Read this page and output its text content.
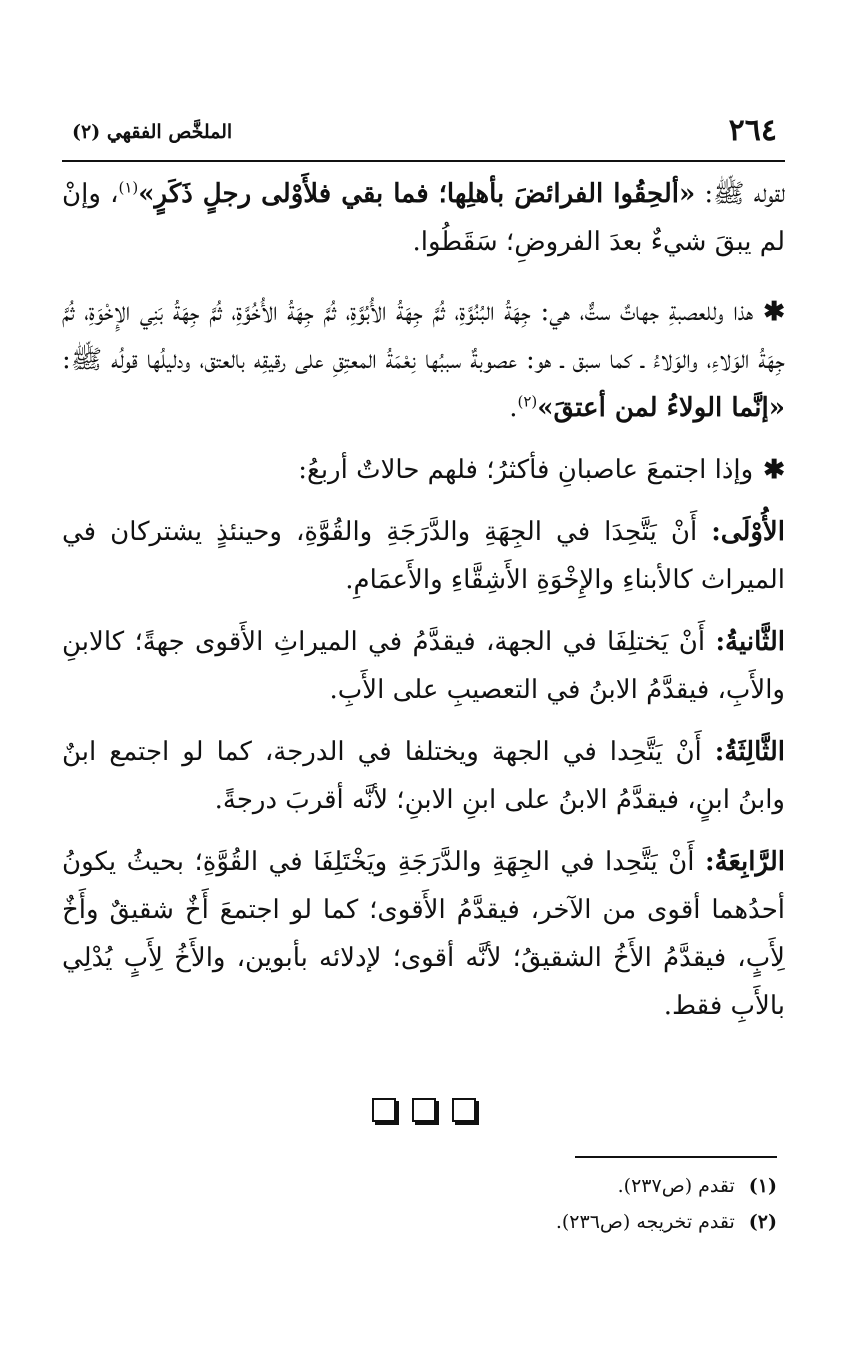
٢٦٤
الملخَّص الفقهي (٢)

لقوله ﷺ: «ألحِقُوا الفرائضَ بأهلِها؛ فما بقي فلأَوْلى رجلٍ ذَكَرٍ»$^{(١)}$، وإنْ لم يبقَ شيءٌ بعدَ الفروضِ؛ سَقَطُوا.

✱هذا وللعصبةِ جهاتٌ ستٌّ، هي: جِهَةُ البُنُوَّةِ، ثُمَّ جِهَةُ الأُبُوَّةِ، ثُمَّ جِهَةُ الأُخُوَّةِ، ثُمَّ جِهَةُ بَنِي الإِخْوَةِ، ثُمَّ جِهَةُ الوَلاءِ، والوَلاءُ ـ كما سبق ـ هو: عصوبةٌ سببُها نِعْمَةُ المعتِقِ على رقيقِه بالعتق، ودليلُها قولُه ﷺ: «إنَّما الولاءُ لمن أعتقَ»$^{(٢)}$.

✱وإذا اجتمعَ عاصبانِ فأكثرُ؛ فلهم حالاتٌ أربعُ:

الأُوْلَى: أَنْ يَتَّحِدَا في الجِهَةِ والدَّرَجَةِ والقُوَّةِ، وحينئذٍ يشتركان في الميراث كالأبناءِ والإِخْوَةِ الأَشِقَّاءِ والأَعمَامِ.

الثَّانيةُ: أَنْ يَختلِفَا في الجهة، فيقدَّمُ في الميراثِ الأَقوى جهةً؛ كالابنِ والأَبِ، فيقدَّمُ الابنُ في التعصيبِ على الأَبِ.

الثَّالِثَةُ: أَنْ يَتَّحِدا في الجهة ويختلفا في الدرجة، كما لو اجتمع ابنٌ وابنُ ابنٍ، فيقدَّمُ الابنُ على ابنِ الابنِ؛ لأنَّه أقربَ درجةً.

الرَّابِعَةُ: أَنْ يَتَّحِدا في الجِهَةِ والدَّرَجَةِ ويَخْتَلِفَا في القُوَّةِ؛ بحيثُ يكونُ أحدُهما أقوى من الآخر، فيقدَّمُ الأَقوى؛ كما لو اجتمعَ أَخٌ شقيقٌ وأَخٌ لِأَبٍ، فيقدَّمُ الأَخُ الشقيقُ؛ لأنَّه أقوى؛ لإدلائه بأبوين، والأَخُ لِأَبٍ يُدْلِي بالأَبِ فقط.

(١)تقدم (ص٢٣٧).
(٢)تقدم تخريجه (ص٢٣٦).
